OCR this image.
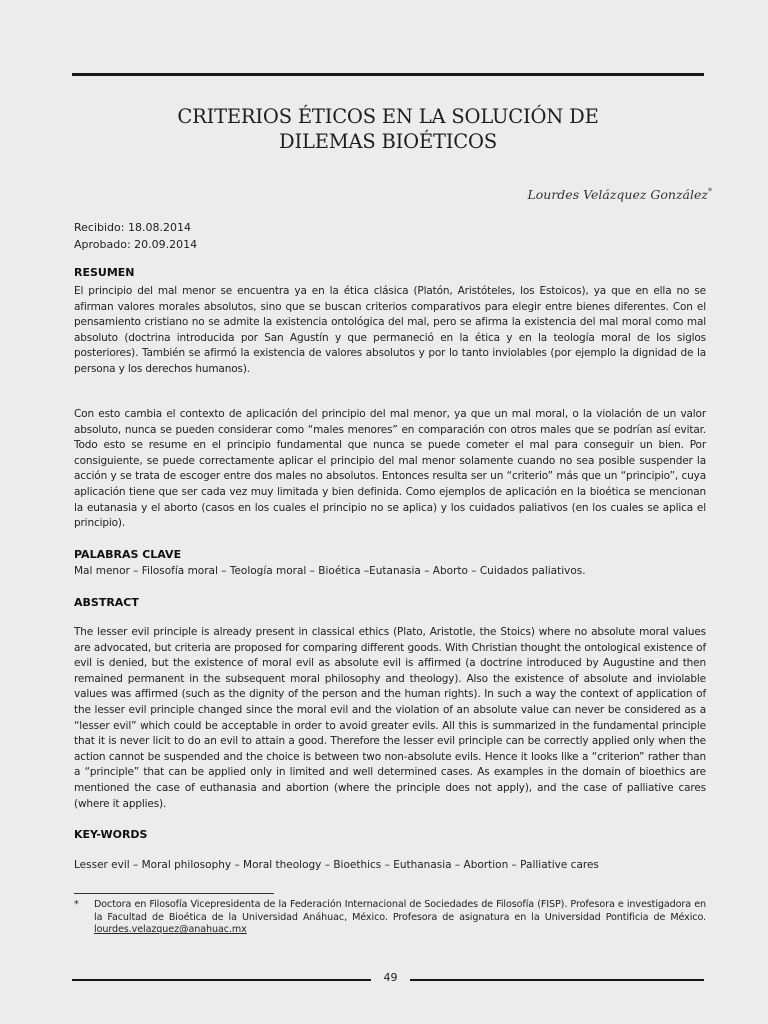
CRITERIOS ÉTICOS EN LA SOLUCIÓN DE
DILEMAS BIOÉTICOS
Lourdes Velázquez González*
Recibido: 18.08.2014
Aprobado: 20.09.2014
RESUMEN

El principio del mal menor se encuentra ya en la ética clásica (Platón, Aristóteles, los Estoicos), ya que en ella no se afirman valores morales absolutos, sino que se buscan criterios comparativos para elegir entre bienes diferentes. Con el pensamiento cristiano no se admite la existencia ontológica del mal, pero se afirma la existencia del mal moral como mal absoluto (doctrina introducida por San Agustín y que permaneció en la ética y en la teología moral de los siglos posteriores). También se afirmó la existencia de valores absolutos y por lo tanto inviolables (por ejemplo la dignidad de la persona y los derechos humanos).

Con esto cambia el contexto de aplicación del principio del mal menor, ya que un mal moral, o la violación de un valor absoluto, nunca se pueden considerar como “males menores” en comparación con otros males que se podrían así evitar. Todo esto se resume en el principio fundamental que nunca se puede cometer el mal para conseguir un bien. Por consiguiente, se puede correctamente aplicar el principio del mal menor solamente cuando no sea posible suspender la acción y se trata de escoger entre dos males no absolutos. Entonces resulta ser un “criterio” más que un “principio”, cuya aplicación tiene que ser cada vez muy limitada y bien definida. Como ejemplos de aplicación en la bioética se mencionan la eutanasia y el aborto (casos en los cuales el principio no se aplica) y los cuidados paliativos (en los cuales se aplica el principio).

PALABRAS CLAVE
Mal menor – Filosofía moral – Teología moral – Bioética –Eutanasia – Aborto – Cuidados paliativos.
ABSTRACT

The lesser evil principle is already present in classical ethics (Plato, Aristotle, the Stoics) where no absolute moral values are advocated, but criteria are proposed for comparing different goods. With Christian thought the ontological existence of evil is denied, but the existence of moral evil as absolute evil is affirmed (a doctrine introduced by Augustine and then remained permanent in the subsequent moral philosophy and theology). Also the existence of absolute and inviolable values was affirmed (such as the dignity of the person and the human rights). In such a way the context of application of the lesser evil principle changed since the moral evil and the violation of an absolute value can never be considered as a “lesser evil” which could be acceptable in order to avoid greater evils. All this is summarized in the fundamental principle that it is never licit to do an evil to attain a good. Therefore the lesser evil principle can be correctly applied only when the action cannot be suspended and the choice is between two non-absolute evils. Hence it looks like a “criterion” rather than a “principle” that can be applied only in limited and well determined cases. As examples in the domain of bioethics are mentioned the case of euthanasia and abortion (where the principle does not apply), and the case of palliative cares (where it applies).

KEY-WORDS
Lesser evil – Moral philosophy – Moral theology – Bioethics – Euthanasia – Abortion – Palliative cares
*	Doctora en Filosofía Vicepresidenta de la Federación Internacional de Sociedades de Filosofía (FISP). Profesora e investigadora en la Facultad de Bioética de la Universidad Anáhuac, México. Profesora de asignatura en la Universidad Pontificia de México. lourdes.velazquez@anahuac.mx
49
